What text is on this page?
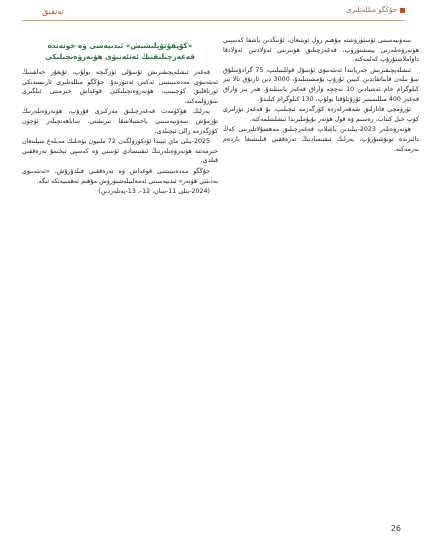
تەتقىق	جۇڭگو مىللەتلىرى

سەۋىيەسىنى ئۆستۈرۈشتە مۇھىم رول ئوينىغان، ئۇنىڭدىن باشقا كەسپىي ھۈنەرۋەنلەرنى يېتىشتۈرۈپ، قەغەزچىلىق ھۈنىرىنى ئەۋلادتىن ئەۋلادقا داۋاملاشتۇرۇپ كەلمەكتە.

ئىشلەپچىقىرىش جەريانىدا ئەنئەنىۋى ئۇسۇل قوللىنىلىپ، 75 گرادۇسلۇق سۇ بىلەن قايناتقاندىن كېيىن ئۇرۇپ يۇمشىتىلىدۇ، 3000 دىن ئارتۇق تالا بىر كىلوگرام خام ئەشيادىن 10 نەچچە ۋاراق قەغەز ياسىلىدۇ. ھەر بىر ۋاراق قەغەز 400 مىللىمېتىر ئۇزۇنلۇقتا بولۇپ، 130 كىلوگرام كېلىدۇ.

ئۈرۈمچى قاتارلىق شەھەرلەردە كۆرگەزمە ئېچىلىپ، بۇ قەغەز تۈرلىرى كۆپ خىل كىتاب، رەسىم ۋە قول ھۈنەر بۇيۇملىرىدا ئىشلىتىلمەكتە.

ھۈنەرۋەنلەر 2023-يىلىدىن باشلاپ قەغەزچىلىق مەھسۇلاتلىرىنى كەڭ دائىرىدە تونۇشتۇرۇپ، يەرلىك ئىقتىسادنىڭ تەرەققىي قىلىشىغا ياردەم بەرمەكتە.

«كۆپقۇتۇپلىشىش» ئىدىيەسى ۋە خوتەندە قەغەزچىلىقنىڭ ئەنئەنىۋى ھۈنەرۋەنچىلىكى

قەغەز ئىشلەپچىقىرىش ئۇسۇلى ئۆزگىچە بولۇپ، ئۇيغۇر خەلقىنىڭ ئەنئەنىۋى مەدەنىيىتىنى ئەكس ئەتتۈرىدۇ. جۇڭگو مىللەتلىرى ئارىسىدىكى ئورتاقلىق كۈچىيىپ، ھۈنەرۋەنچىلىكنى قوغداش خىزمىتى ئىلگىرى سۈرۈلمەكتە.

يەرلىك ھۆكۈمەت قەغەزچىلىق مەركىزى قۇرۇپ، ھۈنەرۋەنلەرنىڭ تۇرمۇش سەۋىيەسىنى ياخشىلاشقا تىرىشتى. ساياھەتچىلەر ئۈچۈن كۆرگەزمە زالى ئېچىلدى.

2025-يىلى ماي ئېيىدا ئۆتكۈزۈلگەن 72 ملىيون يۈەنلىك مەبلەغ سېلىنغان خىزمەتتە ھۈنەرۋەنلەرنىڭ ئىقتىسادى ئۆستى ۋە كەسپى تېخىمۇ تەرەققىي قىلدى.

جۇڭگو مەدەنىيىتىنى قوغداش ۋە تەرەققىي قىلدۇرۇش، «ئەنئەنىۋى بەدىئىي ھۈنەر» ئىدىيەسىنى ئەمەلىيلەشتۈرۈش مۇھىم ئەھمىيەتكە ئىگە.

(2024-يىلى 11-سان، 12-، 13-بەتلەردىن)

26
